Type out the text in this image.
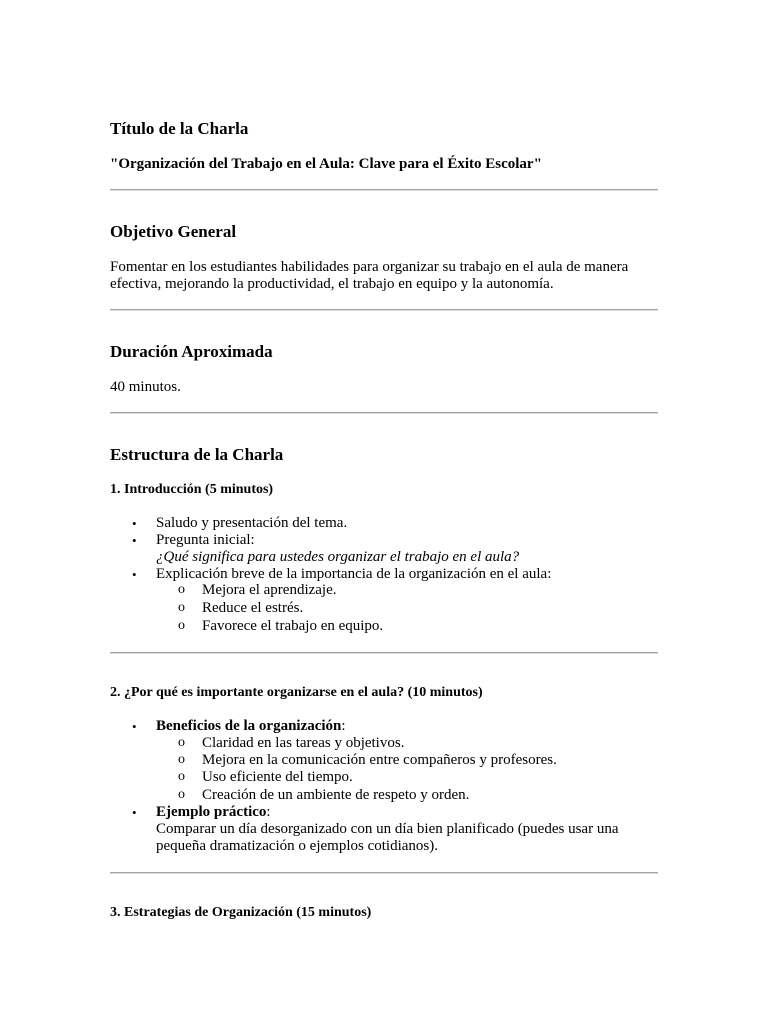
Título de la Charla

"Organización del Trabajo en el Aula: Clave para el Éxito Escolar"

Objetivo General

Fomentar en los estudiantes habilidades para organizar su trabajo en el aula de manera

efectiva, mejorando la productividad, el trabajo en equipo y la autonomía.

Duración Aproximada

40 minutos.

Estructura de la Charla
1. Introducción (5 minutos)
• Saludo y presentación del tema.
• Pregunta inicial:
¿Qué significa para ustedes organizar el trabajo en el aula?
• Explicación breve de la importancia de la organización en el aula:
o Mejora el aprendizaje.
o Reduce el estrés.
o Favorece el trabajo en equipo.
2. ¿Por qué es importante organizarse en el aula? (10 minutos)
• Beneficios de la organización:
o Claridad en las tareas y objetivos.
o Mejora en la comunicación entre compañeros y profesores.
o Uso eficiente del tiempo.
o Creación de un ambiente de respeto y orden.
• Ejemplo práctico:
Comparar un día desorganizado con un día bien planificado (puedes usar una
pequeña dramatización o ejemplos cotidianos).
3. Estrategias de Organización (15 minutos)
